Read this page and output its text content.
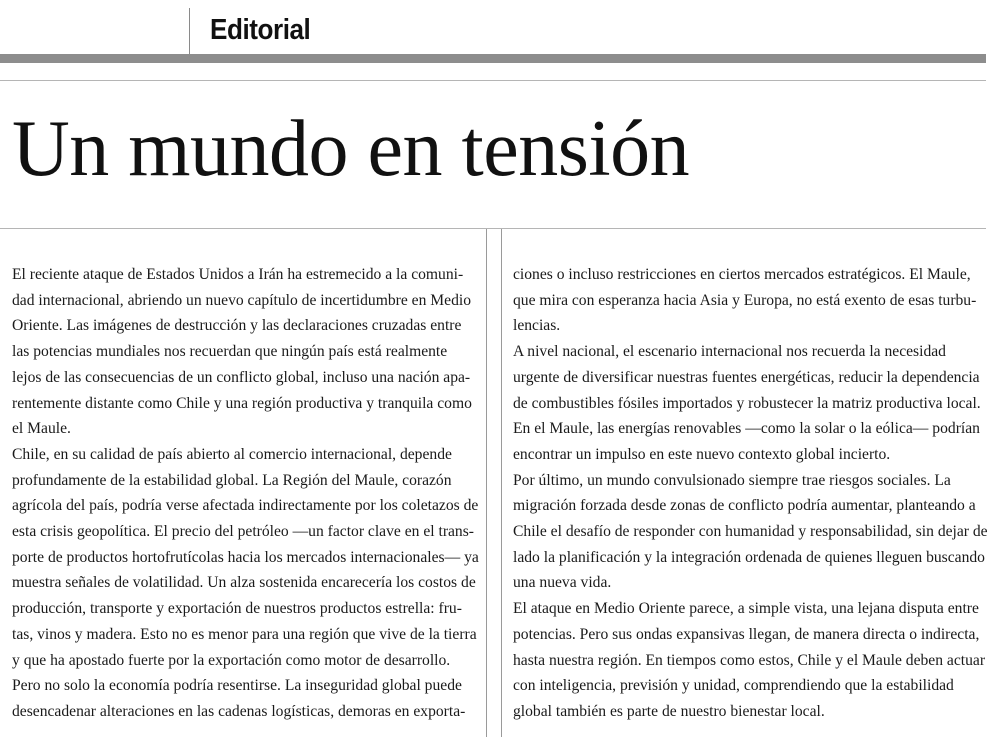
Editorial
Un mundo en tensión
El reciente ataque de Estados Unidos a Irán ha estremecido a la comuni-
dad internacional, abriendo un nuevo capítulo de incertidumbre en Medio
Oriente. Las imágenes de destrucción y las declaraciones cruzadas entre
las potencias mundiales nos recuerdan que ningún país está realmente
lejos de las consecuencias de un conflicto global, incluso una nación apa-
rentemente distante como Chile y una región productiva y tranquila como
el Maule.
Chile, en su calidad de país abierto al comercio internacional, depende
profundamente de la estabilidad global. La Región del Maule, corazón
agrícola del país, podría verse afectada indirectamente por los coletazos de
esta crisis geopolítica. El precio del petróleo —un factor clave en el trans-
porte de productos hortofrutícolas hacia los mercados internacionales— ya
muestra señales de volatilidad. Un alza sostenida encarecería los costos de
producción, transporte y exportación de nuestros productos estrella: fru-
tas, vinos y madera. Esto no es menor para una región que vive de la tierra
y que ha apostado fuerte por la exportación como motor de desarrollo.
Pero no solo la economía podría resentirse. La inseguridad global puede
desencadenar alteraciones en las cadenas logísticas, demoras en exporta-
ciones o incluso restricciones en ciertos mercados estratégicos. El Maule,
que mira con esperanza hacia Asia y Europa, no está exento de esas turbu-
lencias.
A nivel nacional, el escenario internacional nos recuerda la necesidad
urgente de diversificar nuestras fuentes energéticas, reducir la dependencia
de combustibles fósiles importados y robustecer la matriz productiva local.
En el Maule, las energías renovables —como la solar o la eólica— podrían
encontrar un impulso en este nuevo contexto global incierto.
Por último, un mundo convulsionado siempre trae riesgos sociales. La
migración forzada desde zonas de conflicto podría aumentar, planteando a
Chile el desafío de responder con humanidad y responsabilidad, sin dejar de
lado la planificación y la integración ordenada de quienes lleguen buscando
una nueva vida.
El ataque en Medio Oriente parece, a simple vista, una lejana disputa entre
potencias. Pero sus ondas expansivas llegan, de manera directa o indirecta,
hasta nuestra región. En tiempos como estos, Chile y el Maule deben actuar
con inteligencia, previsión y unidad, comprendiendo que la estabilidad
global también es parte de nuestro bienestar local.
